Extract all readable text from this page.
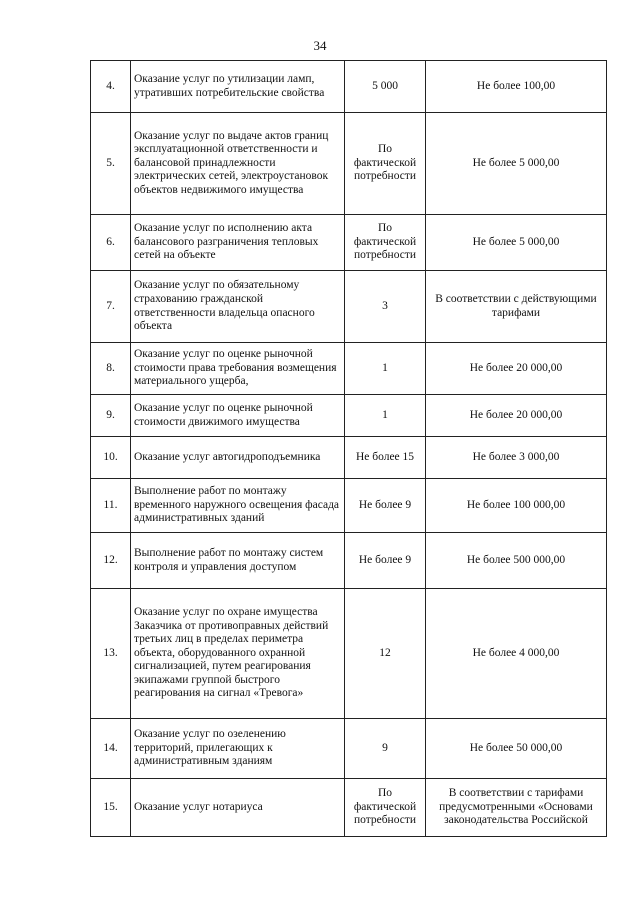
34
4.	Оказание услуг по утилизации ламп, утративших потребительские свойства	5 000	Не более 100,00
5.	Оказание услуг по выдаче актов границ эксплуатационной ответственности и балансовой принадлежности электрических сетей, электроустановок объектов недвижимого имущества	По фактической потребности	Не более 5 000,00
6.	Оказание услуг по исполнению акта балансового разграничения тепловых сетей на объекте	По фактической потребности	Не более 5 000,00
7.	Оказание услуг по обязательному страхованию гражданской ответственности владельца опасного объекта	3	В соответствии с действующими тарифами
8.	Оказание услуг по оценке рыночной стоимости права требования возмещения материального ущерба,	1	Не более 20 000,00
9.	Оказание услуг по оценке рыночной стоимости движимого имущества	1	Не более 20 000,00
10.	Оказание услуг автогидроподъемника	Не более 15	Не более 3 000,00
11.	Выполнение работ по монтажу временного наружного освещения фасада административных зданий	Не более 9	Не более 100 000,00
12.	Выполнение работ по монтажу систем контроля и управления доступом	Не более 9	Не более 500 000,00
13.	Оказание услуг по охране имущества Заказчика от противоправных действий третьих лиц в пределах периметра объекта, оборудованного охранной сигнализацией, путем реагирования экипажами группой быстрого реагирования на сигнал «Тревога»	12	Не более 4 000,00
14.	Оказание услуг по озеленению территорий, прилегающих к административным зданиям	9	Не более 50 000,00
15.	Оказание услуг нотариуса	По фактической потребности	В соответствии с тарифами предусмотренными «Основами законодательства Российской
